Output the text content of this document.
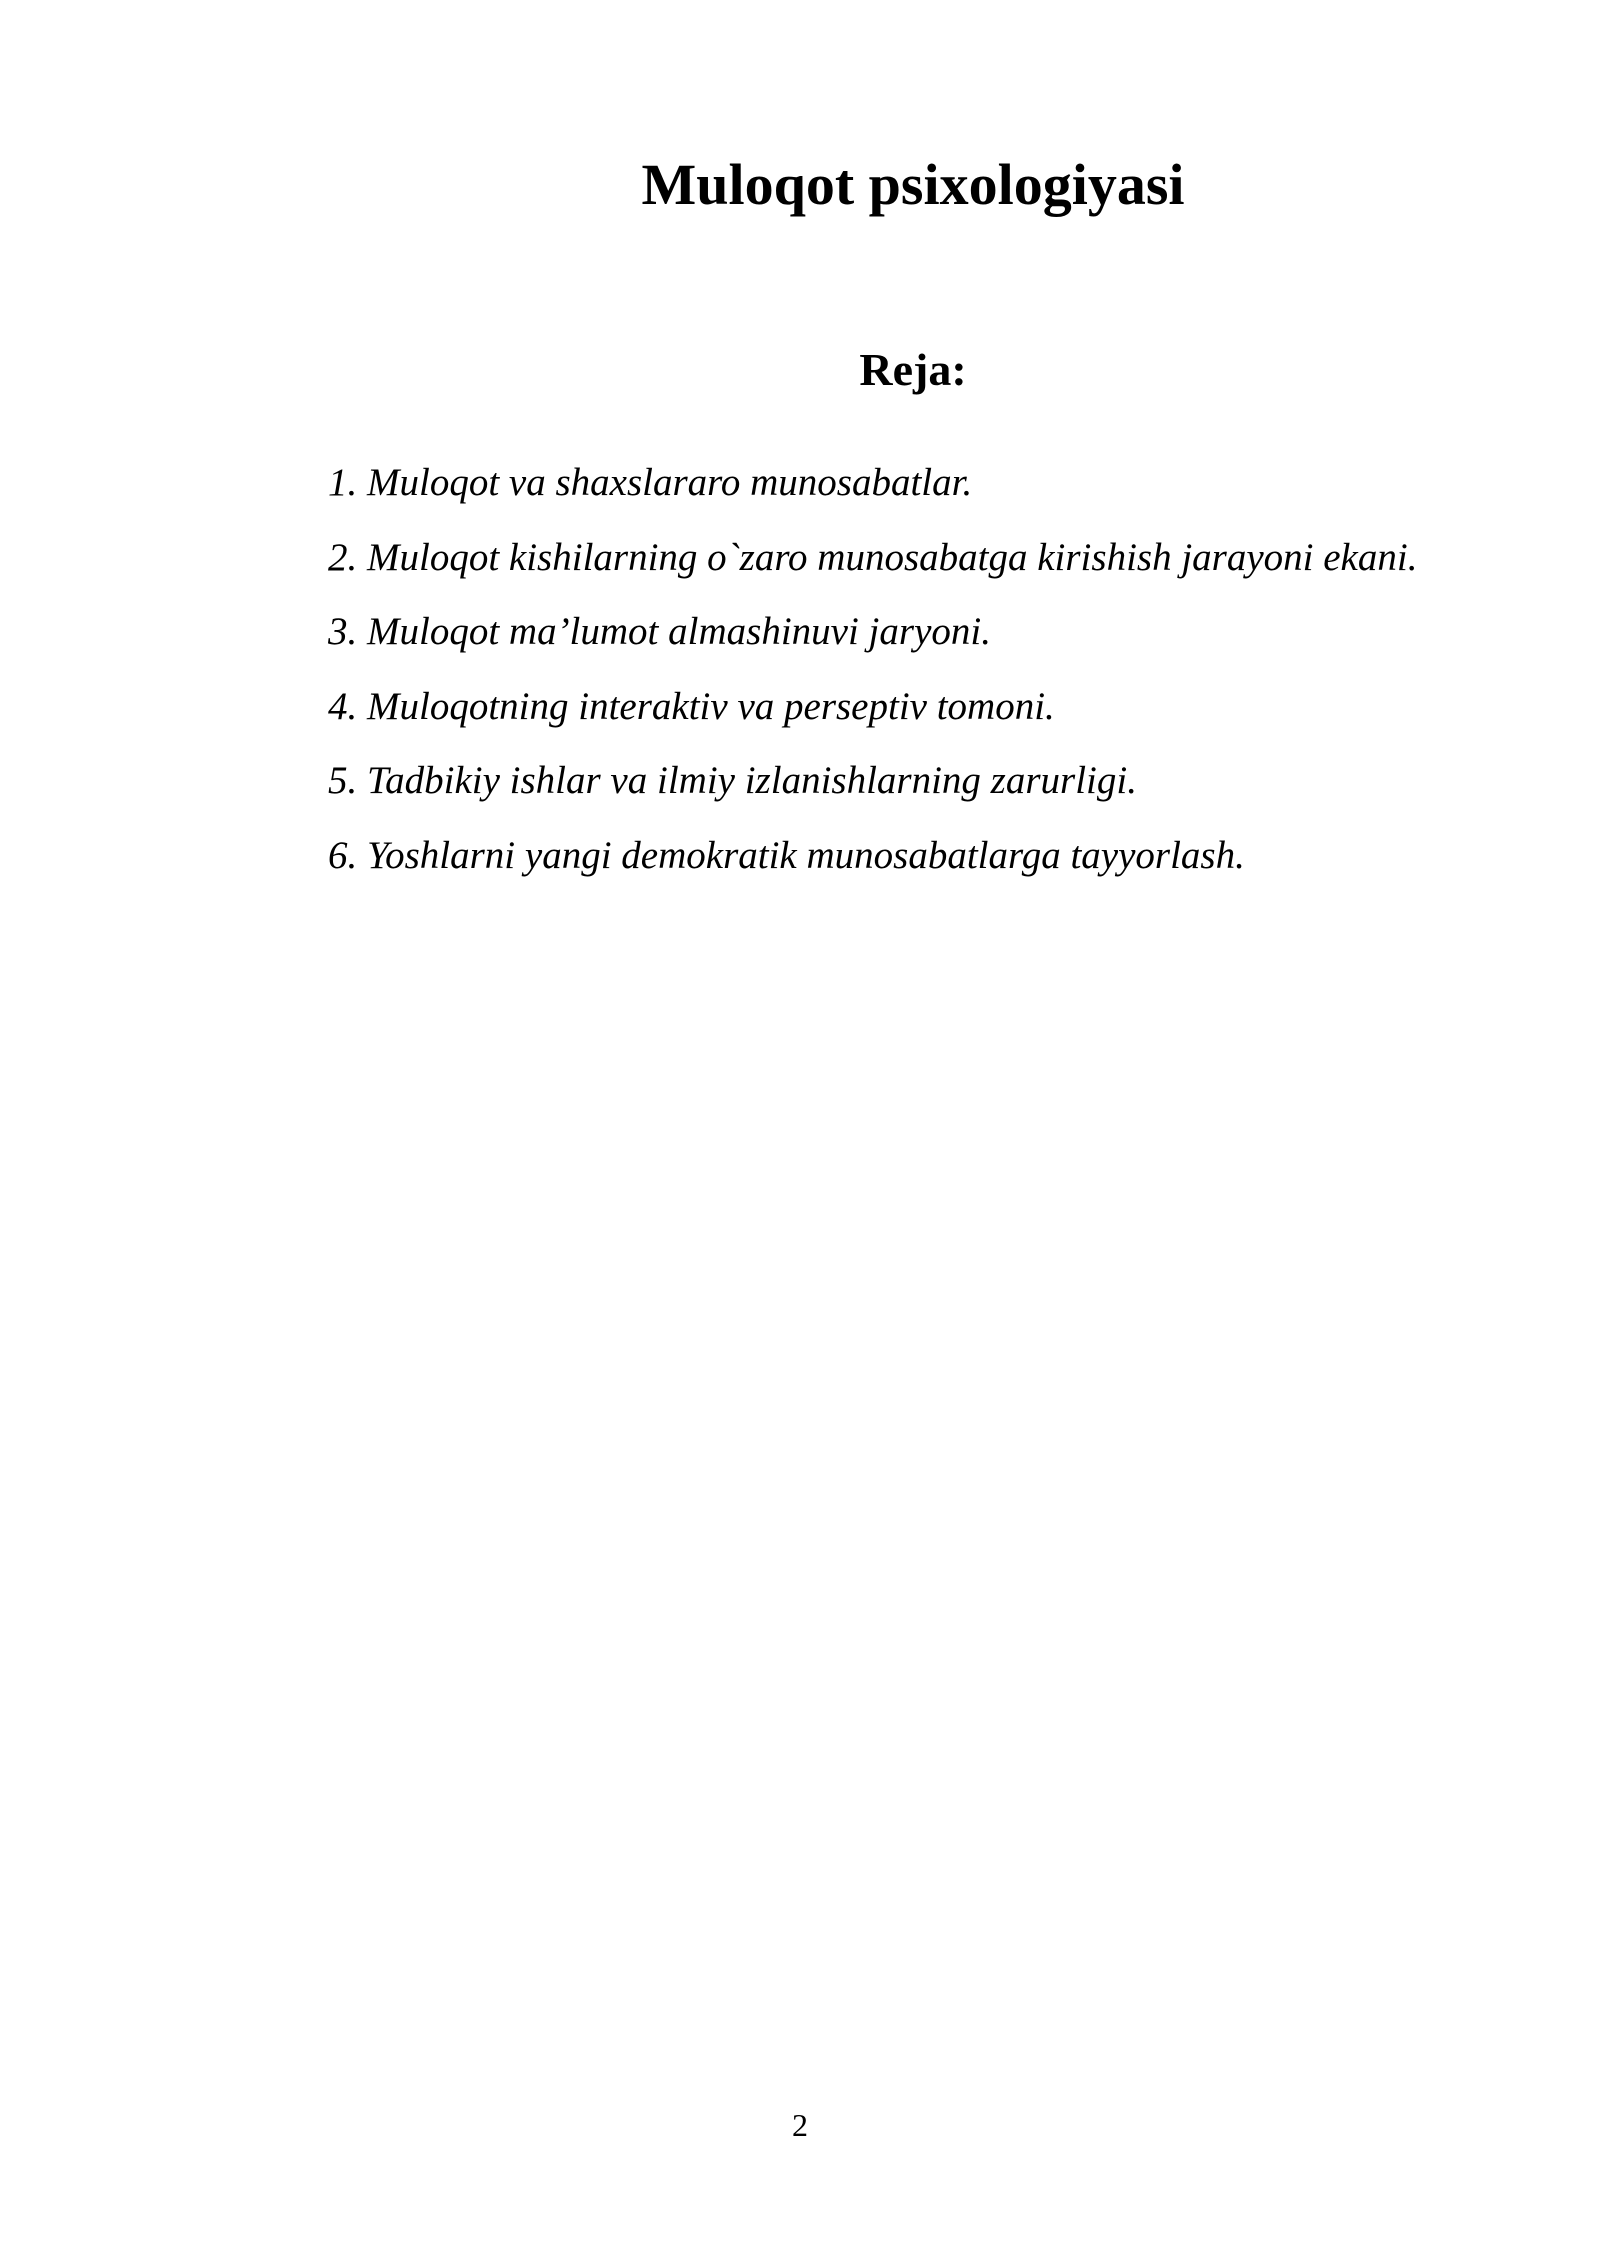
Muloqot psixologiyasi
Reja:
1. Muloqot va shaxslararo munosabatlar.
2. Muloqot kishilarning o`zaro munosabatga kirishish jarayoni ekani.
3. Muloqot ma’lumot almashinuvi jaryoni.
4. Muloqotning interaktiv va perseptiv tomoni.
5. Tadbikiy ishlar va ilmiy izlanishlarning zarurligi.
6. Yoshlarni yangi demokratik munosabatlarga tayyorlash.
2
